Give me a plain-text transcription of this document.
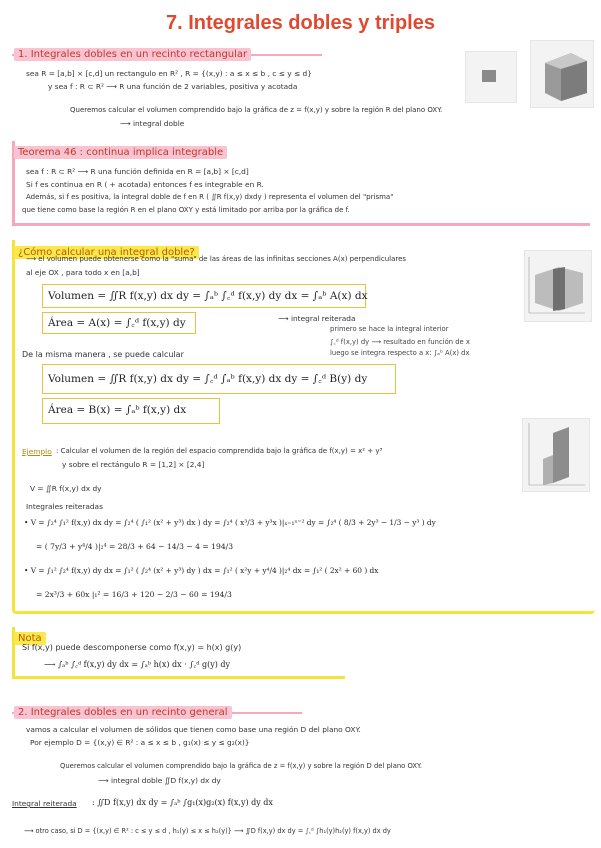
7. Integrales dobles y triples
1. Integrales dobles en un recinto rectangular
sea R = [a,b] × [c,d] un rectangulo en R² , R = {(x,y) : a ≤ x ≤ b , c ≤ y ≤ d}
y sea f : R ⊂ R² ⟶ R una función de 2 variables, positiva y acotada
Queremos calcular el volumen comprendido bajo la gráfica de z = f(x,y) y sobre la región R del plano OXY.
⟶ integral doble
Teorema 46 : continua implica integrable
sea f : R ⊂ R² ⟶ R una función definida en R = [a,b] × [c,d]
Si f es continua en R ( + acotada) entonces f es integrable en R.
Además, si f es positiva, la integral doble de f en R ( ∬R f(x,y) dxdy ) representa el volumen del "prisma"
que tiene como base la región R en el plano OXY y está limitado por arriba por la gráfica de f.
¿Cómo calcular una integral doble?
⟶ el volumen puede obtenerse como la "suma" de las áreas de las infinitas secciones A(x) perpendiculares
al eje OX , para todo x en [a,b]
Volumen = ∬R f(x,y) dx dy = ∫ₐᵇ ∫꜀ᵈ f(x,y) dy dx = ∫ₐᵇ A(x) dx
Área = A(x) = ∫꜀ᵈ f(x,y) dy	⟶ integral reiterada
primero se hace la integral interior
∫꜀ᵈ f(x,y) dy ⟶ resultado en función de x
luego se integra respecto a x: ∫ₐᵇ A(x) dx
De la misma manera , se puede calcular
Volumen = ∬R f(x,y) dx dy = ∫꜀ᵈ ∫ₐᵇ f(x,y) dx dy = ∫꜀ᵈ B(y) dy
Área = B(x) = ∫ₐᵇ f(x,y) dx
Ejemplo : Calcular el volumen de la región del espacio comprendida bajo la gráfica de f(x,y) = x² + y³
y sobre el rectángulo R = [1,2] × [2,4]
V = ∬R f(x,y) dx dy
Integrales reiteradas
• V = ∫₂⁴ ∫₁² f(x,y) dx dy = ∫₂⁴ ( ∫₁² (x² + y³) dx ) dy = ∫₂⁴ ( x³/3 + y³x )|ₓ₌₁ˣ⁼² dy = ∫₂⁴ ( 8/3 + 2y³ − 1/3 − y³ ) dy
= ( 7y/3 + y⁴/4 )|₂⁴ = 28/3 + 64 − 14/3 − 4 = 194/3
• V = ∫₁² ∫₂⁴ f(x,y) dy dx = ∫₁² ( ∫₂⁴ (x² + y³) dy ) dx = ∫₁² ( x²y + y⁴/4 )|₂⁴ dx = ∫₁² ( 2x² + 60 ) dx
= 2x³/3 + 60x |₁² = 16/3 + 120 − 2/3 − 60 = 194/3
Nota
Si f(x,y) puede descomponerse como f(x,y) = h(x) g(y)
⟶ ∫ₐᵇ ∫꜀ᵈ f(x,y) dy dx = ∫ₐᵇ h(x) dx · ∫꜀ᵈ g(y) dy
2. Integrales dobles en un recinto general
vamos a calcular el volumen de sólidos que tienen como base una región D del plano OXY.
Por ejemplo D = {(x,y) ∈ R² : a ≤ x ≤ b , g₁(x) ≤ y ≤ g₂(x)}
Queremos calcular el volumen comprendido bajo la gráfica de z = f(x,y) y sobre la región D del plano OXY.
⟶ integral doble ∬D f(x,y) dx dy
Integral reiterada : ∬D f(x,y) dx dy = ∫ₐᵇ ∫g₁(x)g₂(x) f(x,y) dy dx
⟶ otro caso, si D = {(x,y) ∈ R² : c ≤ y ≤ d , h₁(y) ≤ x ≤ h₂(y)} ⟶ ∬D f(x,y) dx dy = ∫꜀ᵈ ∫h₁(y)h₂(y) f(x,y) dx dy
